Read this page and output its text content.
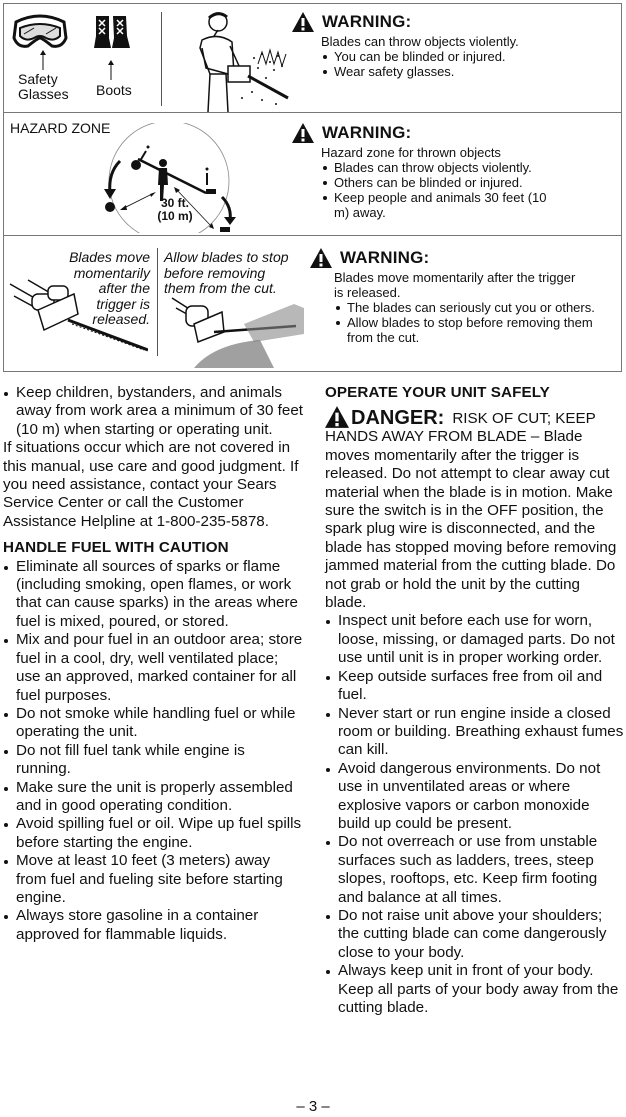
Safety
Glasses Boots
WARNING:
Blades can throw objects violently.
You can be blinded or injured.
Wear safety glasses.
HAZARD ZONE
30 ft.
(10 m)
WARNING:
Hazard zone for thrown objects
Blades can throw objects violently.
Others can be blinded or injured.
Keep people and animals 30 feet (10 m) away.
Blades move
momentarily
after the
trigger is
released.
Allow blades to stop
before removing
them from the cut.
WARNING:
Blades move momentarily after the trigger is released.
The blades can seriously cut you or others.
Allow blades to stop before removing them from the cut.
Keep children, bystanders, and animals away from work area a minimum of 30 feet (10 m) when starting or operating unit.

If situations occur which are not covered in this manual, use care and good judgment. If you need assistance, contact your Sears Service Center or call the Customer Assistance Helpline at 1-800-235-5878.

HANDLE FUEL WITH CAUTION
Eliminate all sources of sparks or flame (including smoking, open flames, or work that can cause sparks) in the areas where fuel is mixed, poured, or stored.
Mix and pour fuel in an outdoor area; store fuel in a cool, dry, well ventilated place; use an approved, marked container for all fuel purposes.
Do not smoke while handling fuel or while operating the unit.
Do not fill fuel tank while engine is running.
Make sure the unit is properly assembled and in good operating condition.
Avoid spilling fuel or oil. Wipe up fuel spills before starting the engine.
Move at least 10 feet (3 meters) away from fuel and fueling site before starting engine.
Always store gasoline in a container approved for flammable liquids.
OPERATE YOUR UNIT SAFELY
DANGER: RISK OF CUT; KEEP

HANDS AWAY FROM BLADE – Blade moves momentarily after the trigger is released. Do not attempt to clear away cut material when the blade is in motion. Make sure the switch is in the OFF position, the spark plug wire is disconnected, and the blade has stopped moving before removing jammed material from the cutting blade. Do not grab or hold the unit by the cutting blade.

Inspect unit before each use for worn, loose, missing, or damaged parts. Do not use until unit is in proper working order.
Keep outside surfaces free from oil and fuel.
Never start or run engine inside a closed room or building. Breathing exhaust fumes can kill.
Avoid dangerous environments. Do not use in unventilated areas or where explosive vapors or carbon monoxide build up could be present.
Do not overreach or use from unstable surfaces such as ladders, trees, steep slopes, rooftops, etc. Keep firm footing and balance at all times.
Do not raise unit above your shoulders; the cutting blade can come dangerously close to your body.
Always keep unit in front of your body. Keep all parts of your body away from the cutting blade.
– 3 –
